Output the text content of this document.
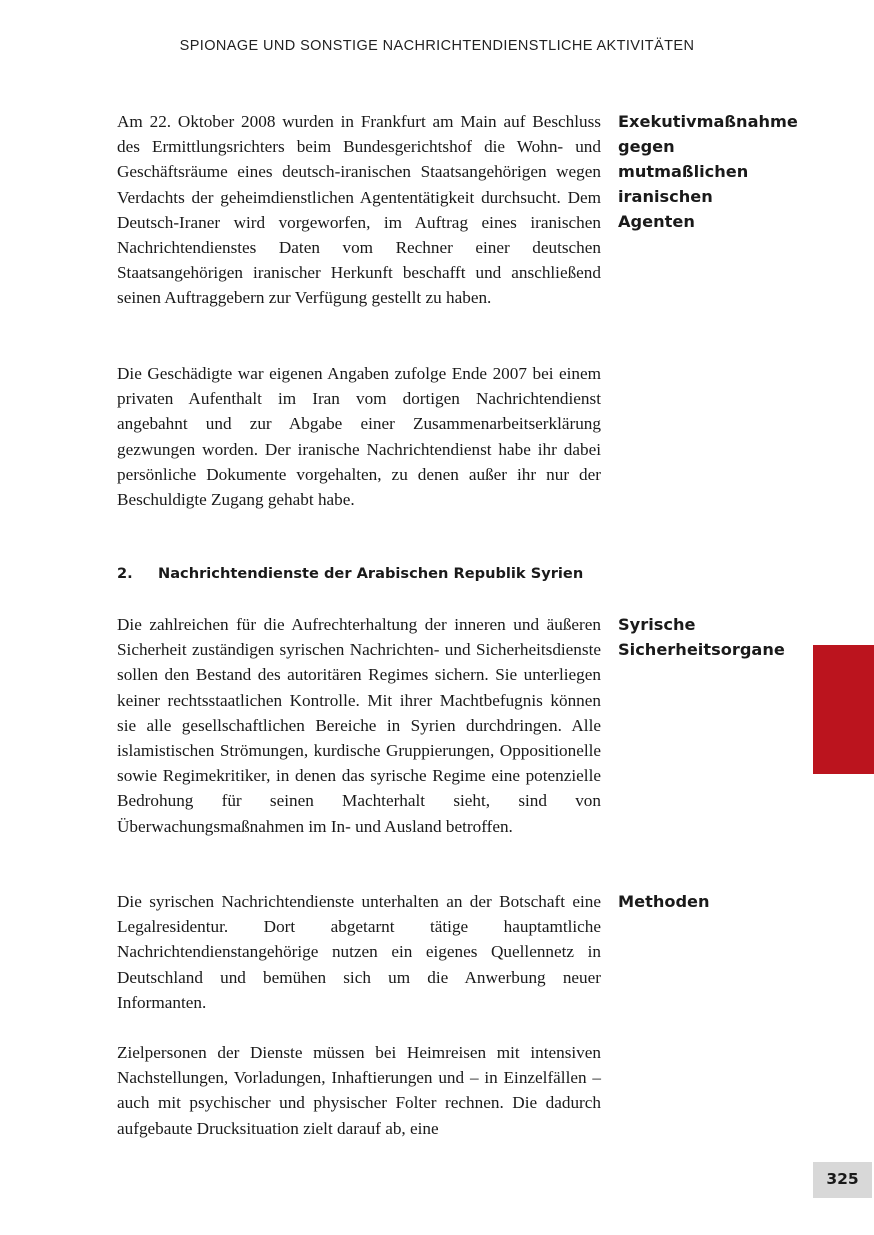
SPIONAGE UND SONSTIGE NACHRICHTENDIENSTLICHE AKTIVITÄTEN

Am 22. Oktober 2008 wurden in Frankfurt am Main auf Beschluss des Ermittlungsrichters beim Bundesgerichtshof die Wohn- und Geschäftsräume eines deutsch-iranischen Staatsangehörigen wegen Verdachts der geheimdienstlichen Agententätigkeit durchsucht. Dem Deutsch-Iraner wird vorgeworfen, im Auftrag eines iranischen Nachrichtendienstes Daten vom Rechner einer deutschen Staatsangehörigen iranischer Herkunft beschafft und anschließend seinen Auftraggebern zur Verfügung gestellt zu haben.

Exekutivmaßnahme gegen mutmaßlichen iranischen Agenten

Die Geschädigte war eigenen Angaben zufolge Ende 2007 bei einem privaten Aufenthalt im Iran vom dortigen Nachrichtendienst angebahnt und zur Abgabe einer Zusammenarbeitserklärung gezwungen worden. Der iranische Nachrichtendienst habe ihr dabei persönliche Dokumente vorgehalten, zu denen außer ihr nur der Beschuldigte Zugang gehabt habe.

2. Nachrichtendienste der Arabischen Republik Syrien

Die zahlreichen für die Aufrechterhaltung der inneren und äußeren Sicherheit zuständigen syrischen Nachrichten- und Sicherheitsdienste sollen den Bestand des autoritären Regimes sichern. Sie unterliegen keiner rechtsstaatlichen Kontrolle. Mit ihrer Machtbefugnis können sie alle gesellschaftlichen Bereiche in Syrien durchdringen. Alle islamistischen Strömungen, kurdische Gruppierungen, Oppositionelle sowie Regimekritiker, in denen das syrische Regime eine potenzielle Bedrohung für seinen Machterhalt sieht, sind von Überwachungsmaßnahmen im In- und Ausland betroffen.

Syrische Sicherheitsorgane

Die syrischen Nachrichtendienste unterhalten an der Botschaft eine Legalresidentur. Dort abgetarnt tätige hauptamtliche Nachrichtendienstangehörige nutzen ein eigenes Quellennetz in Deutschland und bemühen sich um die Anwerbung neuer Informanten.

Methoden

Zielpersonen der Dienste müssen bei Heimreisen mit intensiven Nachstellungen, Vorladungen, Inhaftierungen und – in Einzelfällen – auch mit psychischer und physischer Folter rechnen. Die dadurch aufgebaute Drucksituation zielt darauf ab, eine

325
